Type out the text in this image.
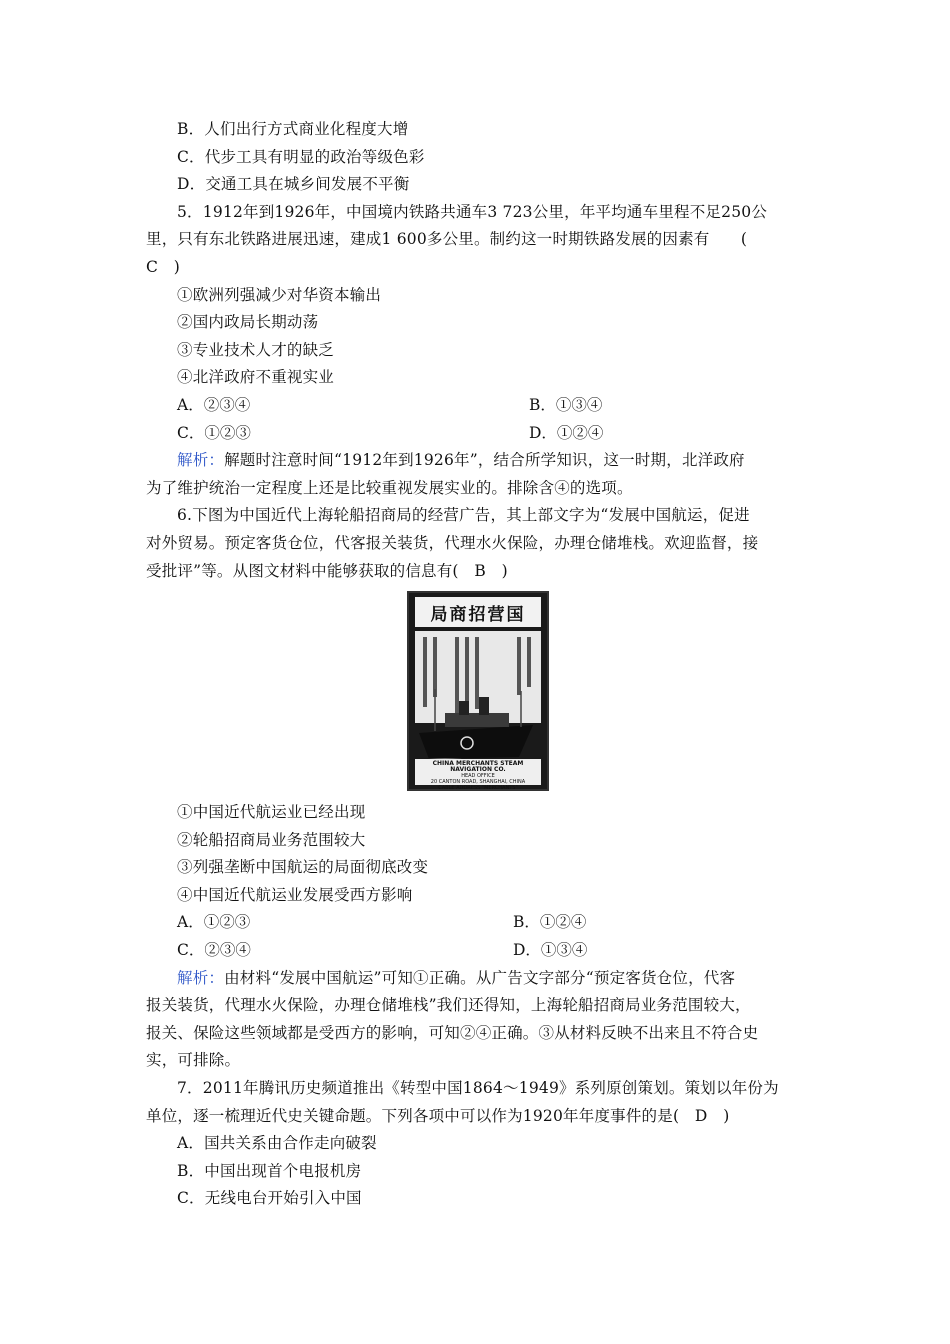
B．人们出行方式商业化程度大增
C．代步工具有明显的政治等级色彩
D．交通工具在城乡间发展不平衡
5．1912年到1926年，中国境内铁路共通车3 723公里，年平均通车里程不足250公
里，只有东北铁路进展迅速，建成1 600多公里。制约这一时期铁路发展的因素有　　(
C　)
①欧洲列强减少对华资本输出
②国内政局长期动荡
③专业技术人才的缺乏
④北洋政府不重视实业
A．②③④	B．①③④
C．①②③	D．①②④
解析：解题时注意时间“1912年到1926年”，结合所学知识，这一时期，北洋政府
为了维护统治一定程度上还是比较重视发展实业的。排除含④的选项。
6.下图为中国近代上海轮船招商局的经营广告，其上部文字为“发展中国航运，促进
对外贸易。预定客货仓位，代客报关装货，代理水火保险，办理仓储堆栈。欢迎监督，接
受批评”等。从图文材料中能够获取的信息有(　B　)
局商招营国
CHINA MERCHANTS STEAM NAVIGATION CO.
HEAD OFFICE
20 CANTON ROAD, SHANGHAI, CHINA
CABLE ADDRESS "MERCHANTS"
①中国近代航运业已经出现
②轮船招商局业务范围较大
③列强垄断中国航运的局面彻底改变
④中国近代航运业发展受西方影响
A．①②③	B．①②④
C．②③④	D．①③④
解析：由材料“发展中国航运”可知①正确。从广告文字部分“预定客货仓位，代客
报关装货，代理水火保险，办理仓储堆栈”我们还得知，上海轮船招商局业务范围较大，
报关、保险这些领域都是受西方的影响，可知②④正确。③从材料反映不出来且不符合史
实，可排除。
7．2011年腾讯历史频道推出《转型中国1864～1949》系列原创策划。策划以年份为
单位，逐一梳理近代史关键命题。下列各项中可以作为1920年年度事件的是(　D　)
A．国共关系由合作走向破裂
B．中国出现首个电报机房
C．无线电台开始引入中国
